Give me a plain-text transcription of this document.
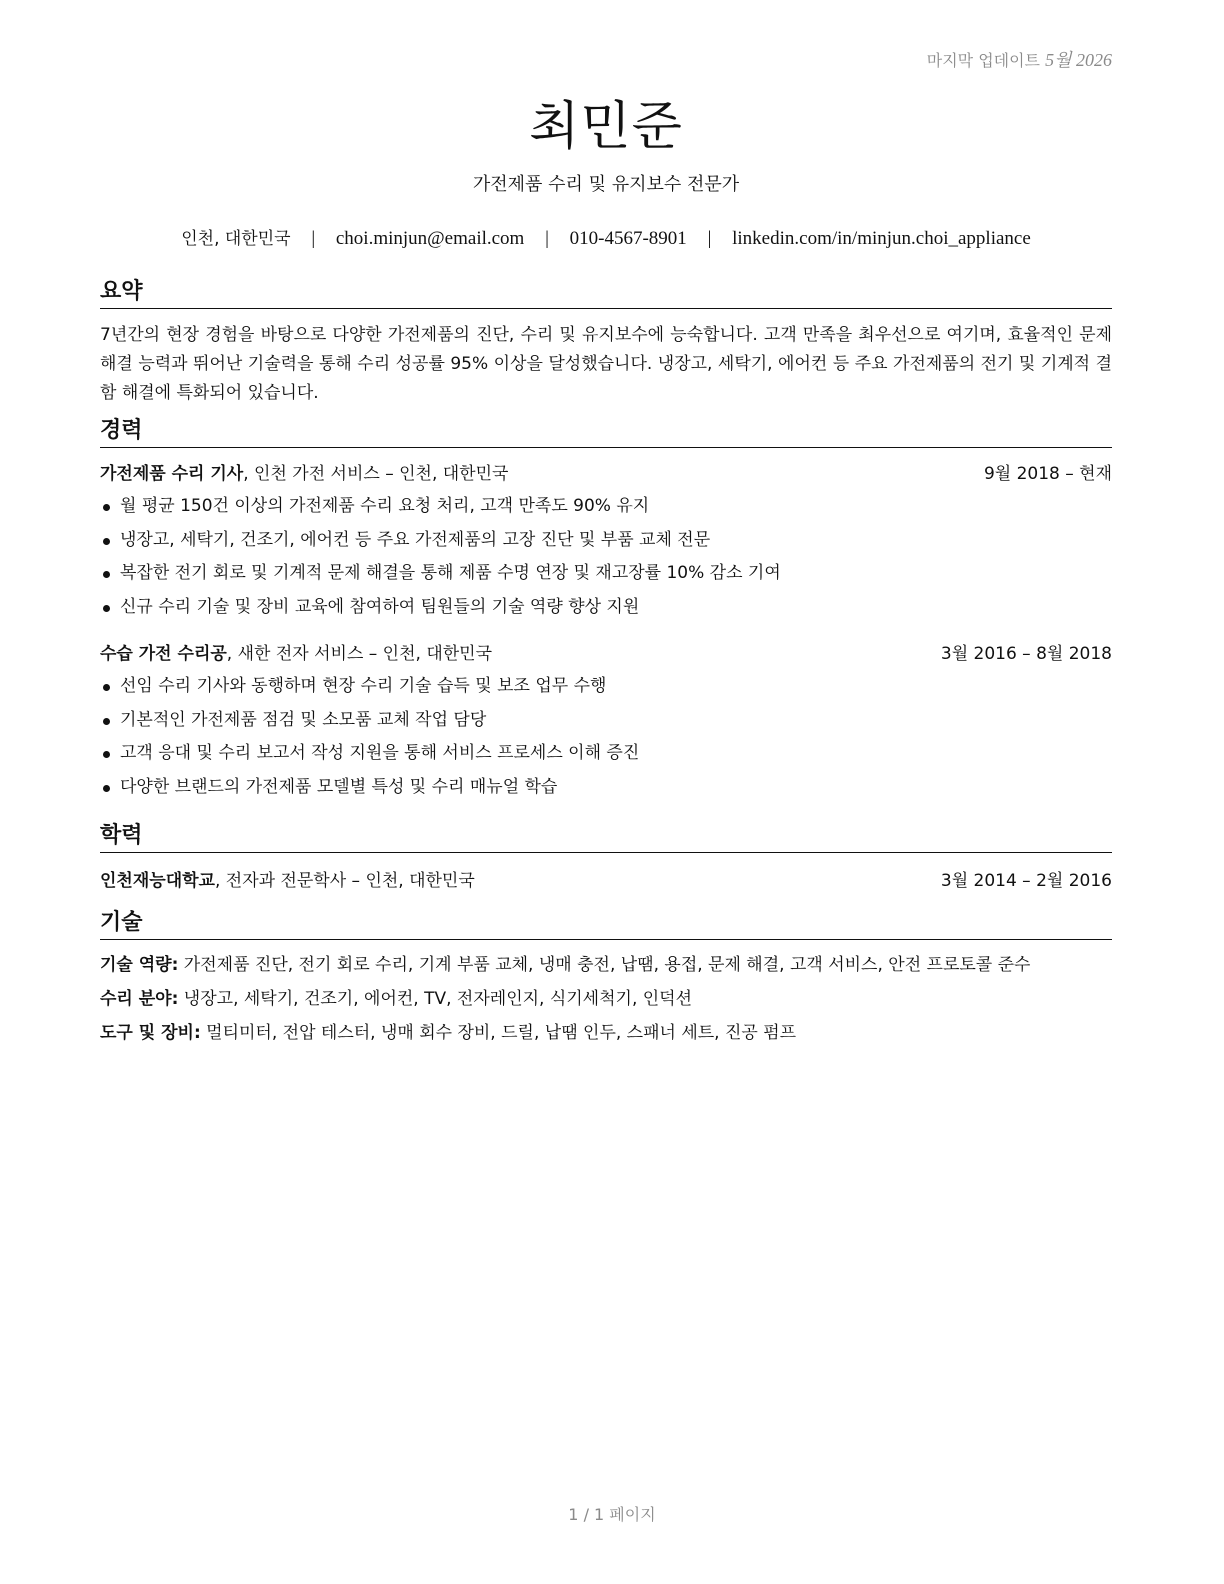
마지막 업데이트 5월 2026
최민준
가전제품 수리 및 유지보수 전문가
인천, 대한민국 | choi.minjun@email.com | 010-4567-8901 | linkedin.com/in/minjun.choi_appliance
요약

7년간의 현장 경험을 바탕으로 다양한 가전제품의 진단, 수리 및 유지보수에 능숙합니다. 고객 만족을 최우선으로 여기며, 효율적인 문제 해결 능력과 뛰어난 기술력을 통해 수리 성공률 95% 이상을 달성했습니다. 냉장고, 세탁기, 에어컨 등 주요 가전제품의 전기 및 기계적 결함 해결에 특화되어 있습니다.

경력
가전제품 수리 기사, 인천 가전 서비스 – 인천, 대한민국	9월 2018 – 현재
월 평균 150건 이상의 가전제품 수리 요청 처리, 고객 만족도 90% 유지
냉장고, 세탁기, 건조기, 에어컨 등 주요 가전제품의 고장 진단 및 부품 교체 전문
복잡한 전기 회로 및 기계적 문제 해결을 통해 제품 수명 연장 및 재고장률 10% 감소 기여
신규 수리 기술 및 장비 교육에 참여하여 팀원들의 기술 역량 향상 지원
수습 가전 수리공, 새한 전자 서비스 – 인천, 대한민국	3월 2016 – 8월 2018
선임 수리 기사와 동행하며 현장 수리 기술 습득 및 보조 업무 수행
기본적인 가전제품 점검 및 소모품 교체 작업 담당
고객 응대 및 수리 보고서 작성 지원을 통해 서비스 프로세스 이해 증진
다양한 브랜드의 가전제품 모델별 특성 및 수리 매뉴얼 학습
학력
인천재능대학교, 전자과 전문학사 – 인천, 대한민국	3월 2014 – 2월 2016
기술
기술 역량: 가전제품 진단, 전기 회로 수리, 기계 부품 교체, 냉매 충전, 납땜, 용접, 문제 해결, 고객 서비스, 안전 프로토콜 준수
수리 분야: 냉장고, 세탁기, 건조기, 에어컨, TV, 전자레인지, 식기세척기, 인덕션
도구 및 장비: 멀티미터, 전압 테스터, 냉매 회수 장비, 드릴, 납땜 인두, 스패너 세트, 진공 펌프
1 / 1 페이지
